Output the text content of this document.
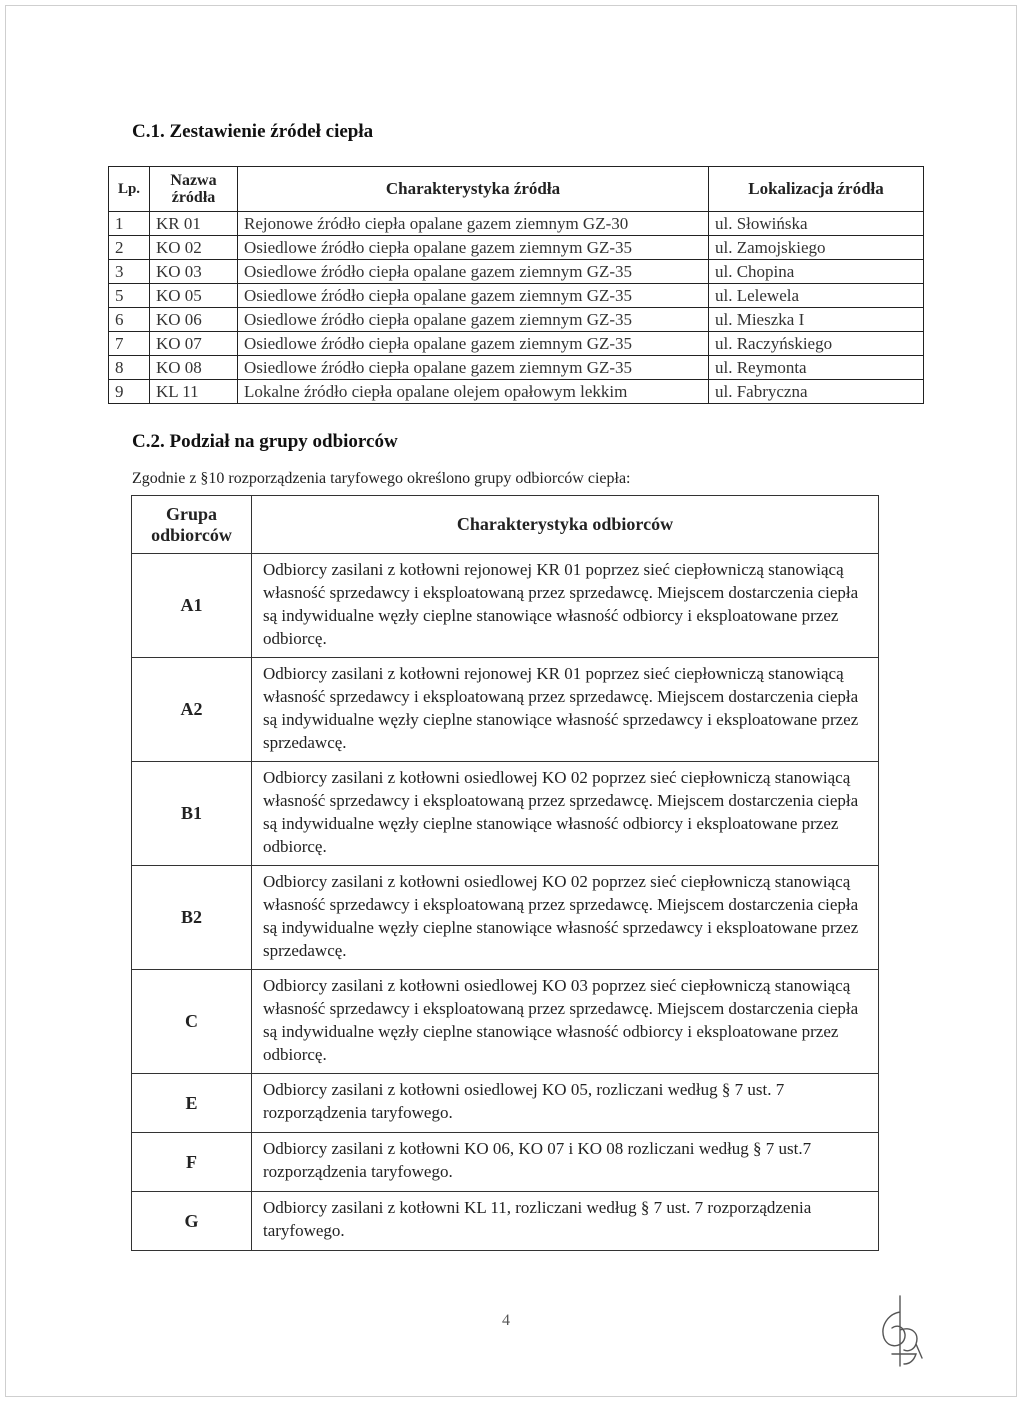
C.1. Zestawienie źródeł ciepła
Lp.	Nazwa źródła	Charakterystyka źródła	Lokalizacja źródła
1	KR 01	Rejonowe źródło ciepła opalane gazem ziemnym GZ-30	ul. Słowińska
2	KO 02	Osiedlowe źródło ciepła opalane gazem ziemnym GZ-35	ul. Zamojskiego
3	KO 03	Osiedlowe źródło ciepła opalane gazem ziemnym GZ-35	ul. Chopina
5	KO 05	Osiedlowe źródło ciepła opalane gazem ziemnym GZ-35	ul. Lelewela
6	KO 06	Osiedlowe źródło ciepła opalane gazem ziemnym GZ-35	ul. Mieszka I
7	KO 07	Osiedlowe źródło ciepła opalane gazem ziemnym GZ-35	ul. Raczyńskiego
8	KO 08	Osiedlowe źródło ciepła opalane gazem ziemnym GZ-35	ul. Reymonta
9	KL 11	Lokalne źródło ciepła opalane olejem opałowym lekkim	ul. Fabryczna
C.2. Podział na grupy odbiorców
Zgodnie z §10 rozporządzenia taryfowego określono grupy odbiorców ciepła:
Grupa odbiorców	Charakterystyka odbiorców
A1	Odbiorcy zasilani z kotłowni rejonowej KR 01 poprzez sieć ciepłowniczą stanowiącą własność sprzedawcy i eksploatowaną przez sprzedawcę. Miejscem dostarczenia ciepła są indywidualne węzły cieplne stanowiące własność odbiorcy i eksploatowane przez odbiorcę.
A2	Odbiorcy zasilani z kotłowni rejonowej KR 01 poprzez sieć ciepłowniczą stanowiącą własność sprzedawcy i eksploatowaną przez sprzedawcę. Miejscem dostarczenia ciepła są indywidualne węzły cieplne stanowiące własność sprzedawcy i eksploatowane przez sprzedawcę.
B1	Odbiorcy zasilani z kotłowni osiedlowej KO 02 poprzez sieć ciepłowniczą stanowiącą własność sprzedawcy i eksploatowaną przez sprzedawcę. Miejscem dostarczenia ciepła są indywidualne węzły cieplne stanowiące własność odbiorcy i eksploatowane przez odbiorcę.
B2	Odbiorcy zasilani z kotłowni osiedlowej KO 02 poprzez sieć ciepłowniczą stanowiącą własność sprzedawcy i eksploatowaną przez sprzedawcę. Miejscem dostarczenia ciepła są indywidualne węzły cieplne stanowiące własność sprzedawcy i eksploatowane przez sprzedawcę.
C	Odbiorcy zasilani z kotłowni osiedlowej KO 03 poprzez sieć ciepłowniczą stanowiącą własność sprzedawcy i eksploatowaną przez sprzedawcę. Miejscem dostarczenia ciepła są indywidualne węzły cieplne stanowiące własność odbiorcy i eksploatowane przez odbiorcę.
E	Odbiorcy zasilani z kotłowni osiedlowej KO 05, rozliczani według § 7 ust. 7 rozporządzenia taryfowego.
F	Odbiorcy zasilani z kotłowni KO 06, KO 07 i KO 08 rozliczani według § 7 ust.7 rozporządzenia taryfowego.
G	Odbiorcy zasilani z kotłowni KL 11, rozliczani według § 7 ust. 7 rozporządzenia taryfowego.
4
